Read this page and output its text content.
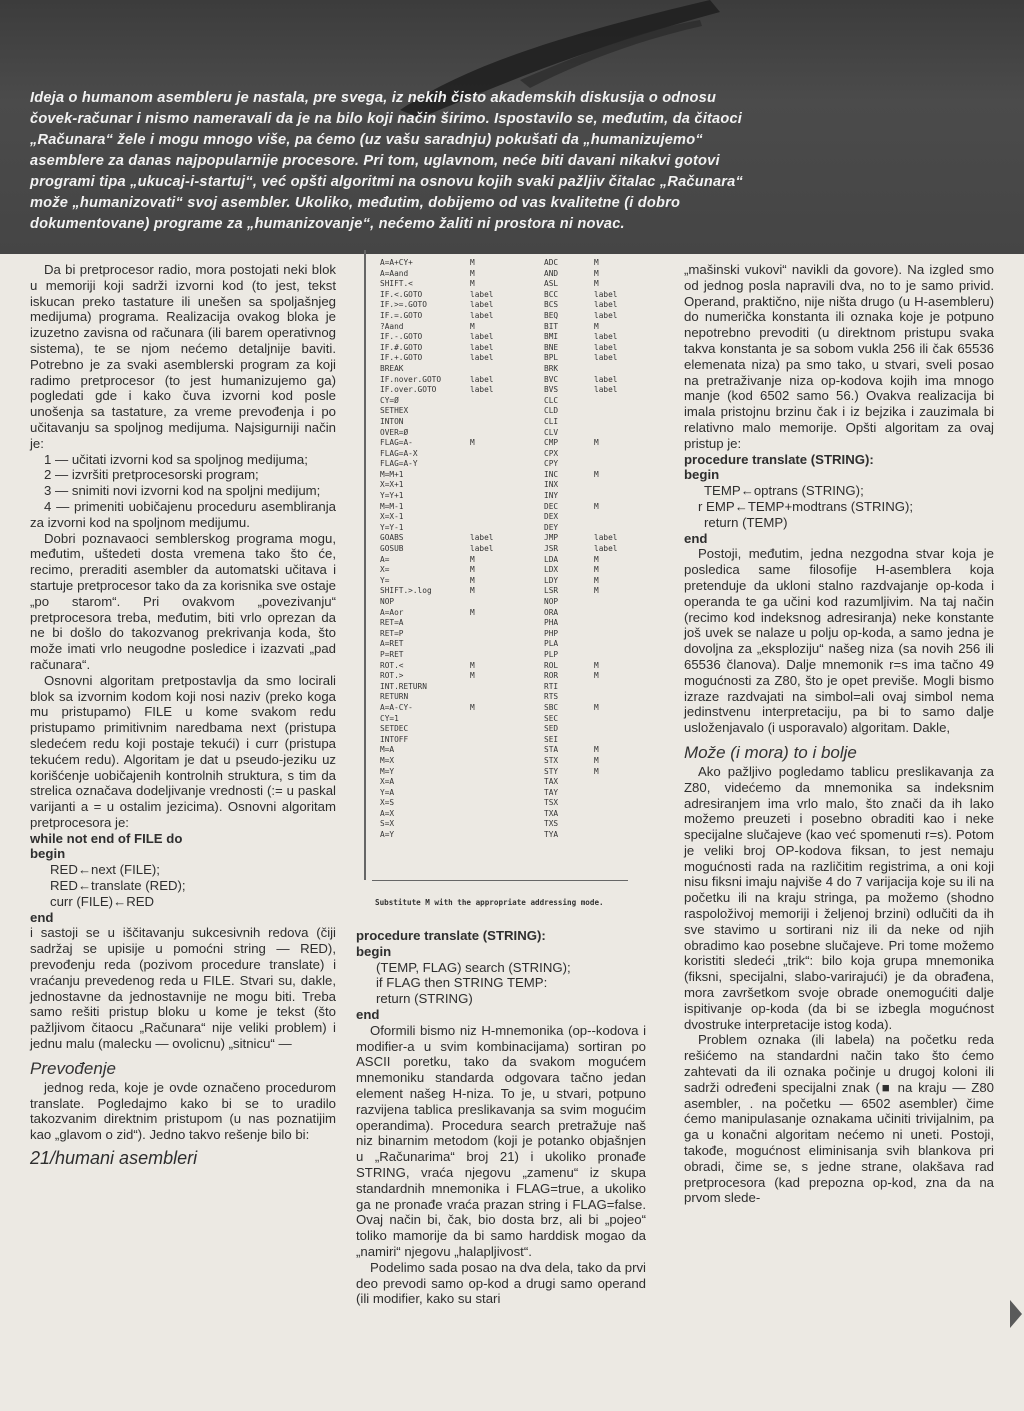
Ideja o humanom asembleru je nastala, pre svega, iz nekih čisto akademskih diskusija o odnosu
čovek-računar i nismo nameravali da je na bilo koji način širimo. Ispostavilo se, međutim, da čitaoci
„Računara“ žele i mogu mnogo više, pa ćemo (uz vašu saradnju) pokušati da „humanizujemo“
asemblere za danas najpopularnije procesore. Pri tom, uglavnom, neće biti davani nikakvi gotovi
programi tipa „ukucaj-i-startuj“, već opšti algoritmi na osnovu kojih svaki pažljiv čitalac „Računara“
može „humanizovati“ svoj asembler. Ukoliko, međutim, dobijemo od vas kvalitetne (i dobro
dokumentovane) programe za „humanizovanje“, nećemo žaliti ni prostora ni novac.

Da bi pretprocesor radio, mora postojati neki blok u memoriji koji sadrži izvorni kod (to jest, tekst iskucan preko tastature ili unešen sa spoljašnjeg medijuma) programa. Realizacija ovakog bloka je izuzetno zavisna od računara (ili barem operativnog sistema), te se njom nećemo detaljnije baviti. Potrebno je za svaki asemblerski program za koji radimo pretprocesor (to jest humanizujemo ga) pogledati gde i kako čuva izvorni kod posle unošenja sa tastature, za vreme prevođenja i po učitavanju sa spoljnog medijuma. Najsigurniji način je:

1 — učitati izvorni kod sa spoljnog medijuma;

2 — izvršiti pretprocesorski program;

3 — snimiti novi izvorni kod na spoljni medijum;

4 — primeniti uobičajenu proceduru asembliranja za izvorni kod na spoljnom medijumu.

Dobri poznavaoci semblerskog programa mogu, međutim, uštedeti dosta vremena tako što će, recimo, preraditi asembler da automatski učitava i startuje pretprocesor tako da za korisnika sve ostaje „po starom“. Pri ovakvom „povezivanju“ pretprocesora treba, međutim, biti vrlo oprezan da ne bi došlo do takozvanog prekrivanja koda, što može imati vrlo neugodne posledice i izazvati „pad računara“.

Osnovni algoritam pretpostavlja da smo locirali blok sa izvornim kodom koji nosi naziv (preko koga mu pristupamo) FILE u kome svakom redu pristupamo primitivnim naredbama next (pristupa sledećem redu koji postaje tekući) i curr (pristupa tekućem redu). Algoritam je dat u pseudo-jeziku uz korišćenje uobičajenih kontrolnih struktura, s tim da strelica označava dodeljivanje vrednosti (:= u paskal varijanti a = u ostalim jezicima). Osnovni algoritam pretprocesora je:

while not end of FILE do

begin

RED←next (FILE);

RED←translate (RED);

curr (FILE)←RED

end

i sastoji se u iščitavanju sukcesivnih redova (čiji sadržaj se upisije u pomoćni string — RED), prevođenju reda (pozivom procedure translate) i vraćanju prevedenog reda u FILE. Stvari su, dakle, jednostavne da jednostavnije ne mogu biti. Treba samo rešiti pristup bloku u kome je tekst (što pažljivom čitaocu „Računara“ nije veliki problem) i jednu malu (malecku — ovolicnu) „sitnicu“ —

Prevođenje

jednog reda, koje je ovde označeno procedurom translate. Pogledajmo kako bi se to uradilo takozvanim direktnim pristupom (u nas poznatijim kao „glavom o zid“). Jedno takvo rešenje bilo bi:

21/humani asembleri
A=A+CY+	M	ADC	M
A=Aand	M	AND	M
SHIFT.<	M	ASL	M
IF.<.GOTO	label	BCC	label
IF.>=.GOTO	label	BCS	label
IF.=.GOTO	label	BEQ	label
?Aand	M	BIT	M
IF.-.GOTO	label	BMI	label
IF.#.GOTO	label	BNE	label
IF.+.GOTO	label	BPL	label
BREAK	BRK
IF.nover.GOTO	label	BVC	label
IF.over.GOTO	label	BVS	label
CY=Ø	CLC
SETHEX	CLD
INTON	CLI
OVER=Ø	CLV
FLAG=A-	M	CMP	M
FLAG=A-X	CPX
FLAG=A-Y	CPY
M=M+1	INC	M
X=X+1	INX
Y=Y+1	INY
M=M-1	DEC	M
X=X-1	DEX
Y=Y-1	DEY
GOABS	label	JMP	label
GOSUB	label	JSR	label
A=	M	LDA	M
X=	M	LDX	M
Y=	M	LDY	M
SHIFT.>.log	M	LSR	M
NOP	NOP
A=Aor	M	ORA
RET=A	PHA
RET=P	PHP
A=RET	PLA
P=RET	PLP
ROT.<	M	ROL	M
ROT.>	M	ROR	M
INT.RETURN	RTI
RETURN	RTS
A=A-CY-	M	SBC	M
CY=1	SEC
SETDEC	SED
INTOFF	SEI
M=A	STA	M
M=X	STX	M
M=Y	STY	M
X=A	TAX
Y=A	TAY
X=S	TSX
A=X	TXA
S=X	TXS
A=Y	TYA
Substitute M with the appropriate addressing mode.

procedure translate (STRING):

begin

(TEMP, FLAG) search (STRING);

if FLAG then STRING TEMP:

return (STRING)

end

Oformili bismo niz H-mnemonika (op--kodova i modifier-a u svim kombinacijama) sortiran po ASCII poretku, tako da svakom mogućem mnemoniku standarda odgovara tačno jedan element našeg H-niza. To je, u stvari, potpuno razvijena tablica preslikavanja sa svim mogućim operandima). Procedura search pretražuje naš niz binarnim metodom (koji je potanko objašnjen u „Računarima“ broj 21) i ukoliko pronađe STRING, vraća njegovu „zamenu“ iz skupa standardnih mnemonika i FLAG=true, a ukoliko ga ne pronađe vraća prazan string i FLAG=false. Ovaj način bi, čak, bio dosta brz, ali bi „pojeo“ toliko mamorije da bi samo harddisk mogao da „namiri“ njegovu „halapljivost“.

Podelimo sada posao na dva dela, tako da prvi deo prevodi samo op-kod a drugi samo operand (ili modifier, kako su stari

„mašinski vukovi“ navikli da govore). Na izgled smo od jednog posla napravili dva, no to je samo privid. Operand, praktično, nije ništa drugo (u H-asembleru) do numerička konstanta ili oznaka koje je potpuno nepotrebno prevoditi (u direktnom pristupu svaka takva konstanta je sa sobom vukla 256 ili čak 65536 elemenata niza) pa smo tako, u stvari, sveli posao na pretraživanje niza op-kodova kojih ima mnogo manje (kod 6502 samo 56.) Ovakva realizacija bi imala pristojnu brzinu čak i iz bejzika i zauzimala bi relativno malo memorije. Opšti algoritam za ovaj pristup je:

procedure translate (STRING):

begin

TEMP←optrans (STRING);

r EMP←TEMP+modtrans (STRING);

return (TEMP)

end

Postoji, međutim, jedna nezgodna stvar koja je posledica same filosofije H-asemblera koja pretenduje da ukloni stalno razdvajanje op-koda i operanda te ga učini kod razumljivim. Na taj način (recimo kod indeksnog adresiranja) neke konstante još uvek se nalaze u polju op-koda, a samo jedna je dovoljna za „eksploziju“ našeg niza (sa novih 256 ili 65536 članova). Dalje mnemonik r=s ima tačno 49 mogućnosti za Z80, što je opet previše. Mogli bismo izraze razdvajati na simbol=ali ovaj simbol nema jedinstvenu interpretaciju, pa bi to samo dalje usloženjavalo (i usporavalo) algoritam. Dakle,

Može (i mora) to i bolje

Ako pažljivo pogledamo tablicu preslikavanja za Z80, videćemo da mnemonika sa indeksnim adresiranjem ima vrlo malo, što znači da ih lako možemo preuzeti i posebno obraditi kao i neke specijalne slučajeve (kao već spomenuti r=s). Potom je veliki broj OP-kodova fiksan, to jest nemaju mogućnosti rada na različitim registrima, a oni koji nisu fiksni imaju najviše 4 do 7 varijacija koje su ili na početku ili na kraju stringa, pa možemo (shodno raspoloživoj memoriji i željenoj brzini) odlučiti da ih sve stavimo u sortirani niz ili da neke od njih obradimo kao posebne slučajeve. Pri tome možemo koristiti sledeći „trik“: bilo koja grupa mnemonika (fiksni, specijalni, slabo-varirajući) je da obrađena, mora završetkom svoje obrade onemogućiti dalje ispitivanje op-koda (da bi se izbegla mogućnost dvostruke interpretacije istog koda).

Problem oznaka (ili labela) na početku reda rešićemo na standardni način tako što ćemo zahtevati da ili oznaka počinje u drugoj koloni ili sadrži određeni specijalni znak (■ na kraju — Z80 asembler, . na početku — 6502 asembler) čime ćemo manipulasanje oznakama učiniti trivijalnim, pa ga u konačni algoritam nećemo ni uneti. Postoji, takođe, mogućnost eliminisanja svih blankova pri obradi, čime se, s jedne strane, olakšava rad pretprocesora (kad prepozna op-kod, zna da na prvom slede-
